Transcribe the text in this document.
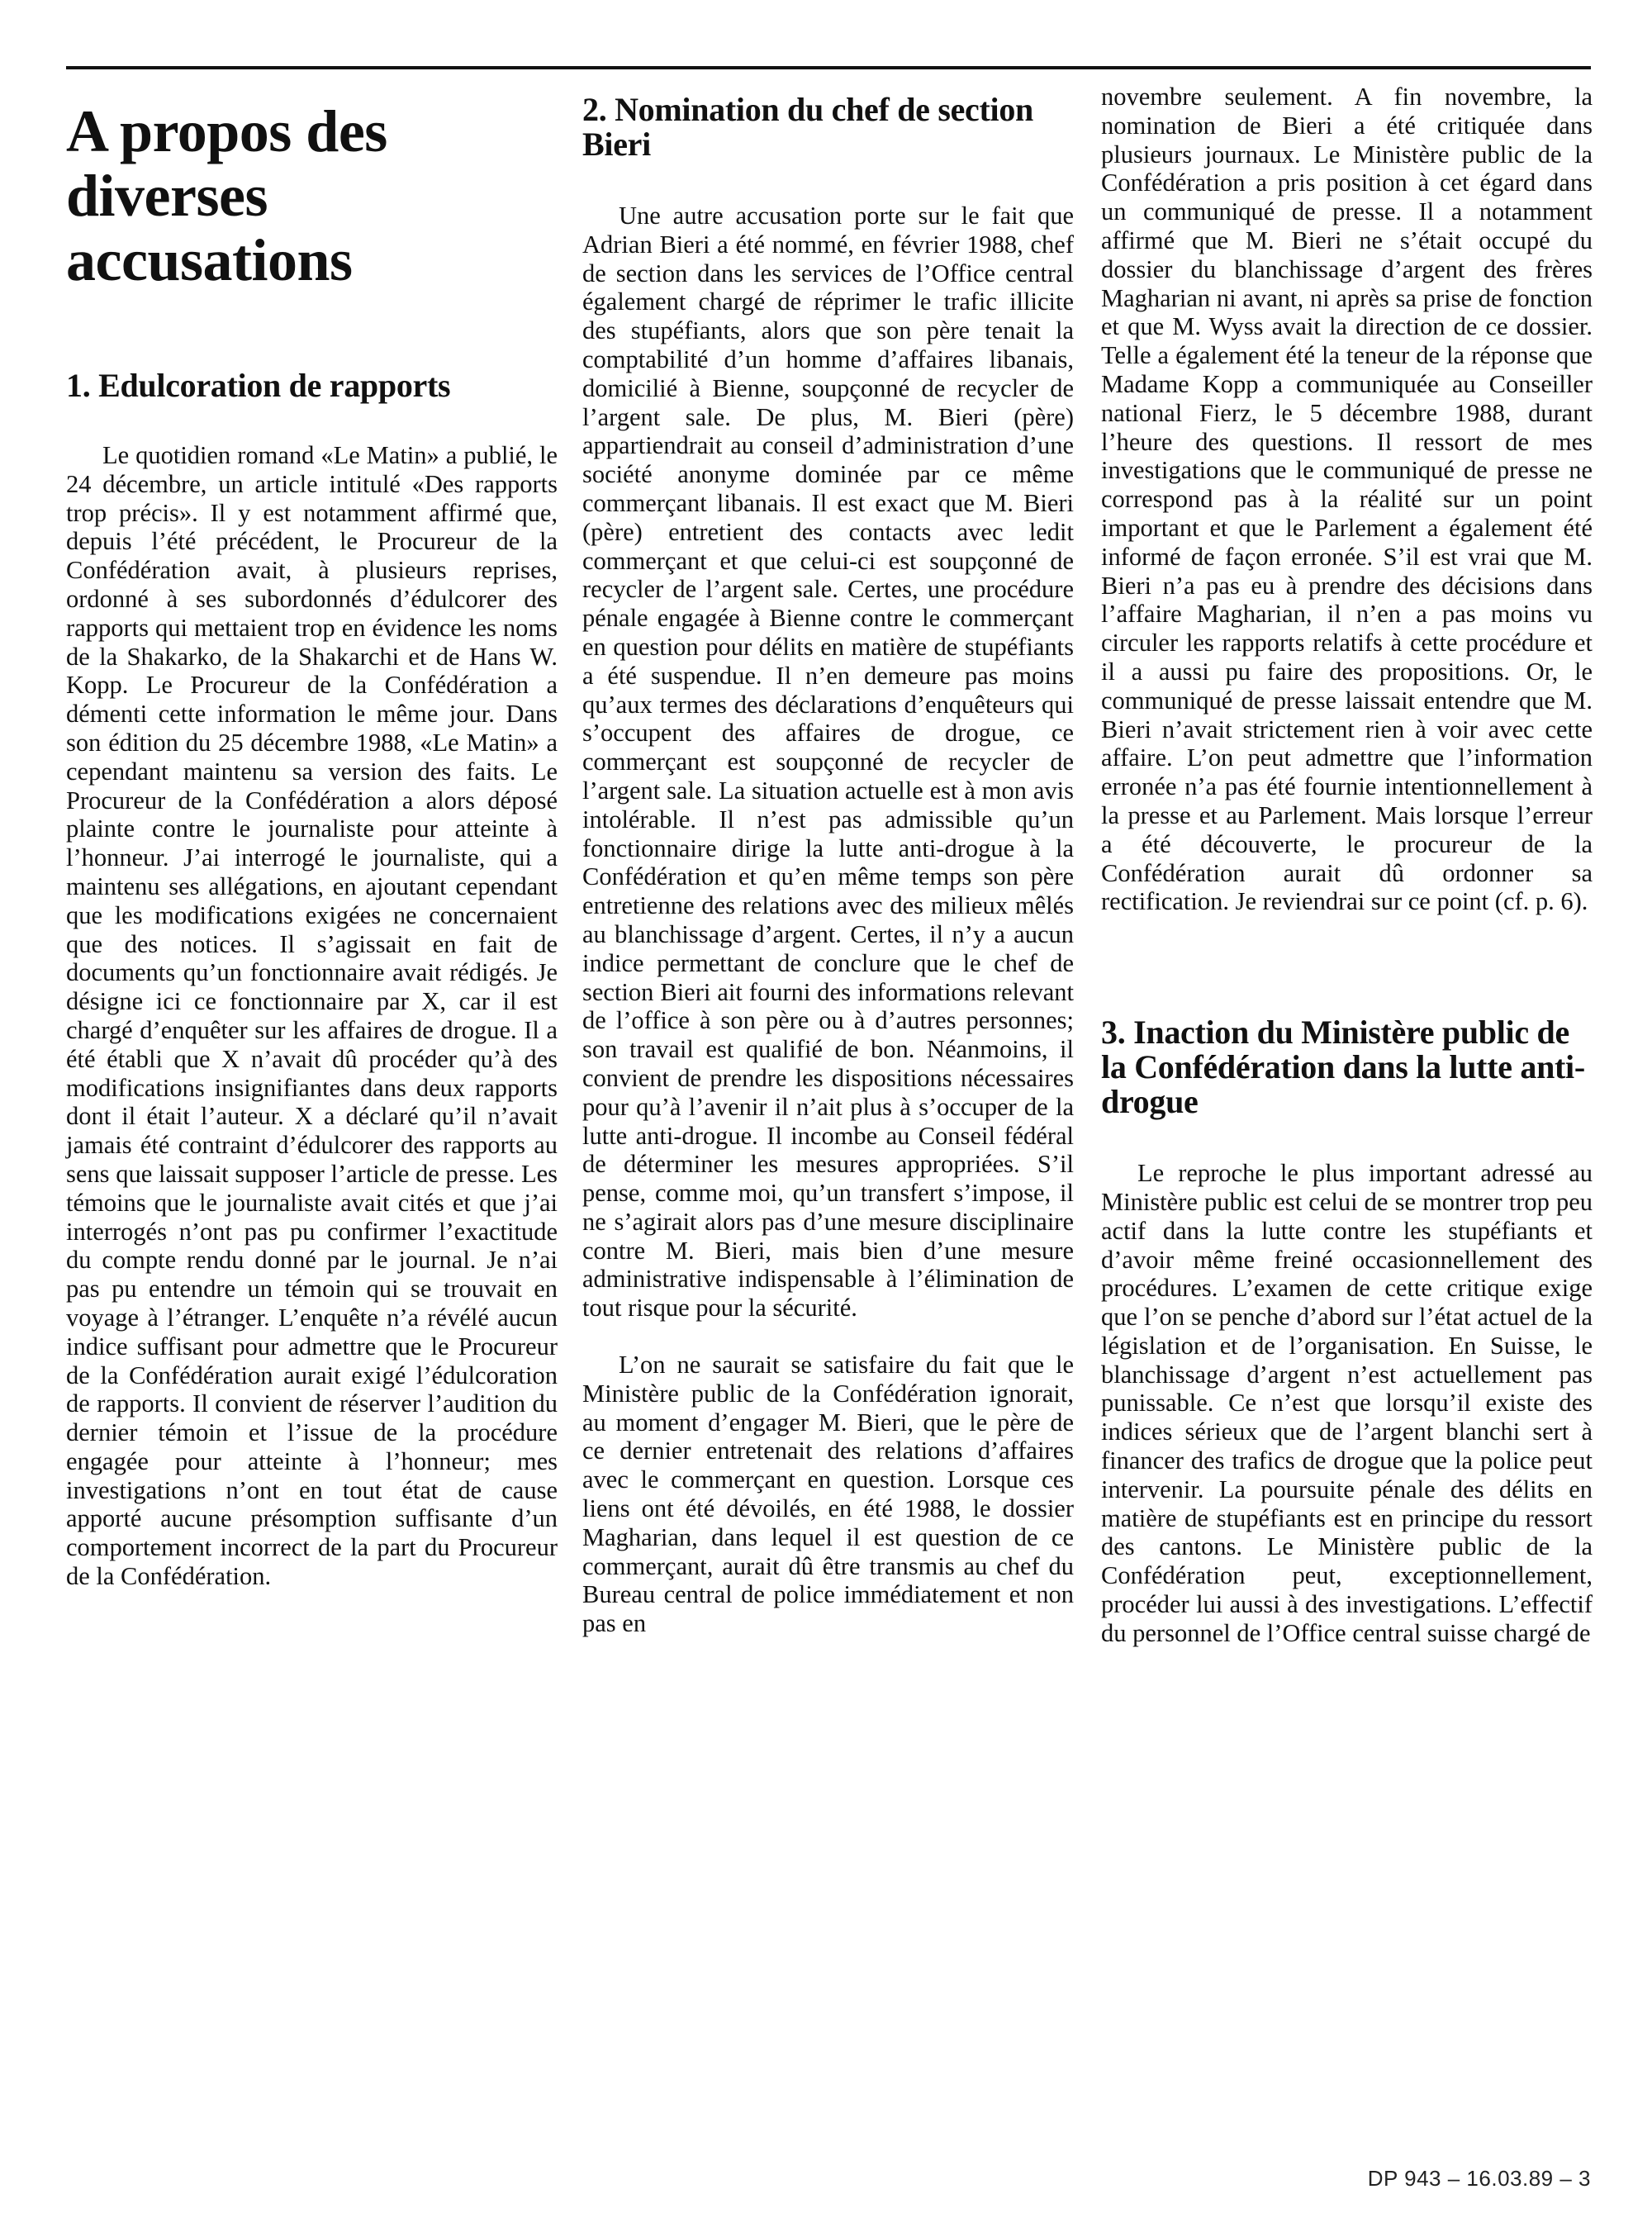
A propos des diverses accusations
1. Edulcoration de rapports

Le quotidien romand «Le Matin» a publié, le 24 décembre, un article intitulé «Des rapports trop précis». Il y est notamment affirmé que, depuis l’été précédent, le Procureur de la Confédération avait, à plusieurs reprises, ordonné à ses subordonnés d’édulcorer des rapports qui mettaient trop en évidence les noms de la Shakarko, de la Shakarchi et de Hans W. Kopp. Le Procureur de la Confédération a démenti cette information le même jour. Dans son édition du 25 décembre 1988, «Le Matin» a cependant maintenu sa version des faits. Le Procureur de la Confédération a alors déposé plainte contre le journaliste pour atteinte à l’honneur. J’ai interrogé le journaliste, qui a maintenu ses allégations, en ajoutant cependant que les modifications exigées ne concernaient que des notices. Il s’agissait en fait de documents qu’un fonctionnaire avait rédigés. Je désigne ici ce fonctionnaire par X, car il est chargé d’enquêter sur les affaires de drogue. Il a été établi que X n’avait dû procéder qu’à des modifications insignifiantes dans deux rapports dont il était l’auteur. X a déclaré qu’il n’avait jamais été contraint d’édulcorer des rapports au sens que laissait supposer l’article de presse. Les témoins que le journaliste avait cités et que j’ai interrogés n’ont pas pu confirmer l’exactitude du compte rendu donné par le journal. Je n’ai pas pu entendre un témoin qui se trouvait en voyage à l’étranger. L’enquête n’a révélé aucun indice suffisant pour admettre que le Procureur de la Confédération aurait exigé l’édulcoration de rapports. Il convient de réserver l’audition du dernier témoin et l’issue de la procédure engagée pour atteinte à l’honneur; mes investigations n’ont en tout état de cause apporté aucune présomption suffisante d’un comportement incorrect de la part du Procureur de la Confédération.

2. Nomination du chef de section Bieri

Une autre accusation porte sur le fait que Adrian Bieri a été nommé, en février 1988, chef de section dans les services de l’Office central également chargé de réprimer le trafic illicite des stupéfiants, alors que son père tenait la comptabilité d’un homme d’affaires libanais, domicilié à Bienne, soupçonné de recycler de l’argent sale. De plus, M. Bieri (père) appartiendrait au conseil d’administration d’une société anonyme dominée par ce même commerçant libanais. Il est exact que M. Bieri (père) entretient des contacts avec ledit commerçant et que celui-ci est soupçonné de recycler de l’argent sale. Certes, une procédure pénale engagée à Bienne contre le commerçant en question pour délits en matière de stupéfiants a été suspendue. Il n’en demeure pas moins qu’aux termes des déclarations d’enquêteurs qui s’occupent des affaires de drogue, ce commerçant est soupçonné de recycler de l’argent sale. La situation actuelle est à mon avis intolérable. Il n’est pas admissible qu’un fonctionnaire dirige la lutte anti-drogue à la Confédération et qu’en même temps son père entretienne des relations avec des milieux mêlés au blanchissage d’argent. Certes, il n’y a aucun indice permettant de conclure que le chef de section Bieri ait fourni des informations relevant de l’office à son père ou à d’autres personnes; son travail est qualifié de bon. Néanmoins, il convient de prendre les dispositions nécessaires pour qu’à l’avenir il n’ait plus à s’occuper de la lutte anti-drogue. Il incombe au Conseil fédéral de déterminer les mesures appropriées. S’il pense, comme moi, qu’un transfert s’impose, il ne s’agirait alors pas d’une mesure disciplinaire contre M. Bieri, mais bien d’une mesure administrative indispensable à l’élimination de tout risque pour la sécurité.

L’on ne saurait se satisfaire du fait que le Ministère public de la Confédération ignorait, au moment d’engager M. Bieri, que le père de ce dernier entretenait des relations d’affaires avec le commerçant en question. Lorsque ces liens ont été dévoilés, en été 1988, le dossier Magharian, dans lequel il est question de ce commerçant, aurait dû être transmis au chef du Bureau central de police immédiatement et non pas en

novembre seulement. A fin novembre, la nomination de Bieri a été critiquée dans plusieurs journaux. Le Ministère public de la Confédération a pris position à cet égard dans un communiqué de presse. Il a notamment affirmé que M. Bieri ne s’était occupé du dossier du blanchissage d’argent des frères Magharian ni avant, ni après sa prise de fonction et que M. Wyss avait la direction de ce dossier. Telle a également été la teneur de la réponse que Madame Kopp a communiquée au Conseiller national Fierz, le 5 décembre 1988, durant l’heure des questions. Il ressort de mes investigations que le communiqué de presse ne correspond pas à la réalité sur un point important et que le Parlement a également été informé de façon erronée. S’il est vrai que M. Bieri n’a pas eu à prendre des décisions dans l’affaire Magharian, il n’en a pas moins vu circuler les rapports relatifs à cette procédure et il a aussi pu faire des propositions. Or, le communiqué de presse laissait entendre que M. Bieri n’avait strictement rien à voir avec cette affaire. L’on peut admettre que l’information erronée n’a pas été fournie intentionnellement à la presse et au Parlement. Mais lorsque l’erreur a été découverte, le procureur de la Confédération aurait dû ordonner sa rectification. Je reviendrai sur ce point (cf. p. 6).

3. Inaction du Ministère public de la Confédération dans la lutte anti-drogue

Le reproche le plus important adressé au Ministère public est celui de se montrer trop peu actif dans la lutte contre les stupéfiants et d’avoir même freiné occasionnellement des procédures. L’examen de cette critique exige que l’on se penche d’abord sur l’état actuel de la législation et de l’organisation. En Suisse, le blanchissage d’argent n’est actuellement pas punissable. Ce n’est que lorsqu’il existe des indices sérieux que de l’argent blanchi sert à financer des trafics de drogue que la police peut intervenir. La poursuite pénale des délits en matière de stupéfiants est en principe du ressort des cantons. Le Ministère public de la Confédération peut, exceptionnellement, procéder lui aussi à des investigations. L’effectif du personnel de l’Office central suisse chargé de

DP 943 – 16.03.89 – 3
